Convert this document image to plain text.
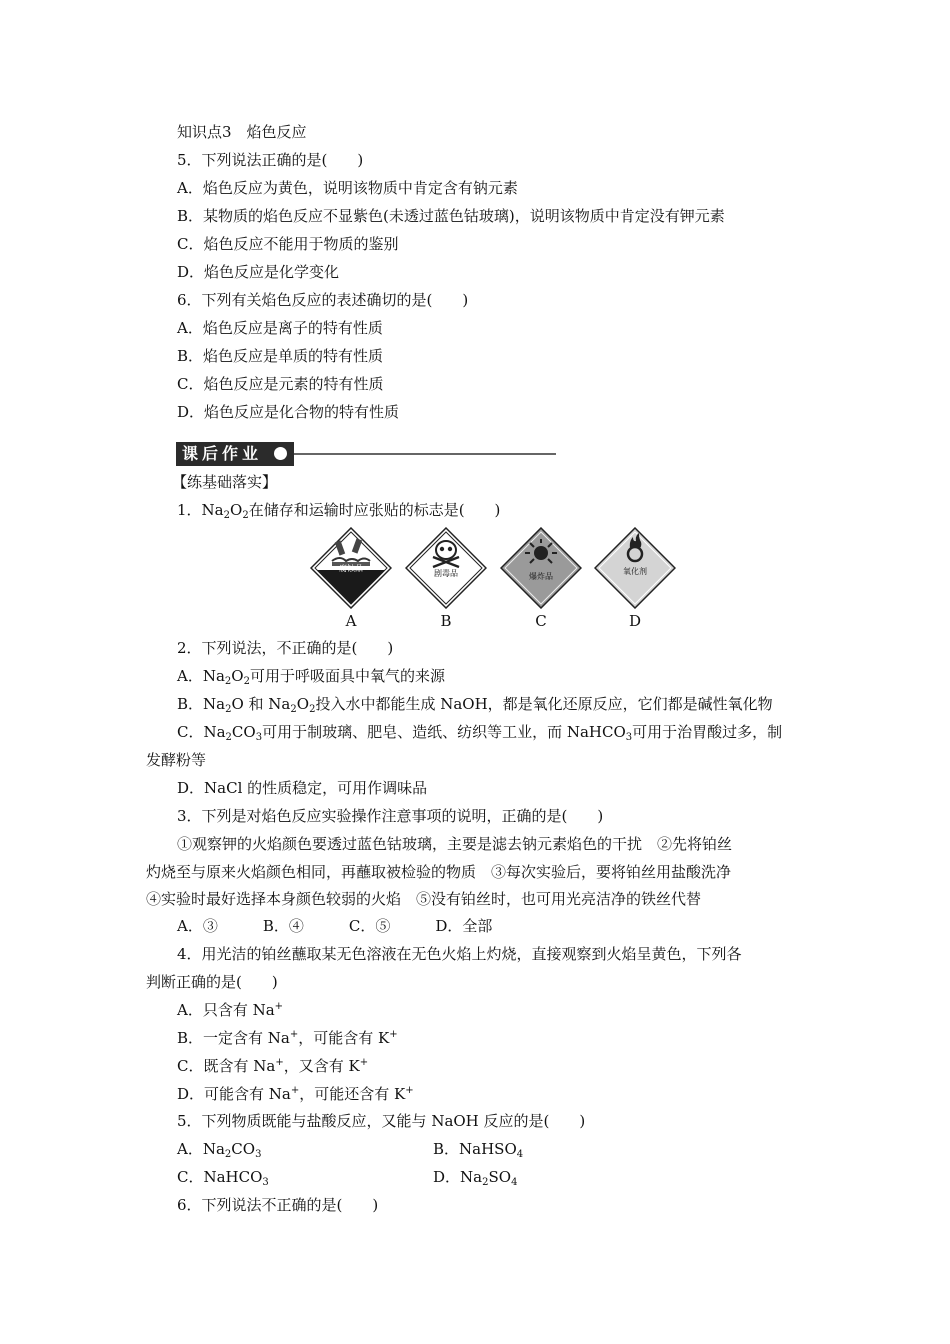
知识点3　焰色反应
5．下列说法正确的是(　　)
A．焰色反应为黄色，说明该物质中肯定含有钠元素
B．某物质的焰色反应不显紫色(未透过蓝色钴玻璃)，说明该物质中肯定没有钾元素
C．焰色反应不能用于物质的鉴别
D．焰色反应是化学变化
6．下列有关焰色反应的表述确切的是(　　)
A．焰色反应是离子的特有性质
B．焰色反应是单质的特有性质
C．焰色反应是元素的特有性质
D．焰色反应是化合物的特有性质
课后作业
【练基础落实】
1．$Na_2O_2$在储存和运输时应张贴的标志是(　　)
腐蚀品
A
剧毒品
B
爆炸品
C
氧化剂
D
2．下列说法，不正确的是(　　)
A．$Na_2O_2$可用于呼吸面具中氧气的来源
B．$Na_2O$ 和 $Na_2O_2$投入水中都能生成 NaOH，都是氧化还原反应，它们都是碱性氧化物
C．$Na_2CO_3$可用于制玻璃、肥皂、造纸、纺织等工业，而 NaHCO$_3$可用于治胃酸过多，制
发酵粉等
D．NaCl 的性质稳定，可用作调味品
3．下列是对焰色反应实验操作注意事项的说明，正确的是(　　)
①观察钾的火焰颜色要透过蓝色钴玻璃，主要是滤去钠元素焰色的干扰　②先将铂丝
灼烧至与原来火焰颜色相同，再蘸取被检验的物质　③每次实验后，要将铂丝用盐酸洗净
④实验时最好选择本身颜色较弱的火焰　⑤没有铂丝时，也可用光亮洁净的铁丝代替
A．③　　　B．④　　　C．⑤　　　D．全部
4．用光洁的铂丝蘸取某无色溶液在无色火焰上灼烧，直接观察到火焰呈黄色，下列各
判断正确的是(　　)
A．只含有 Na+
B．一定含有 Na+，可能含有 K+
C．既含有 Na+，又含有 K+
D．可能含有 Na+，可能还含有 K+
5．下列物质既能与盐酸反应，又能与 NaOH 反应的是(　　)
A．$Na_2CO_3$	B．NaHSO$_4$
C．NaHCO$_3$	D．$Na_2SO_4$
6．下列说法不正确的是(　　)
